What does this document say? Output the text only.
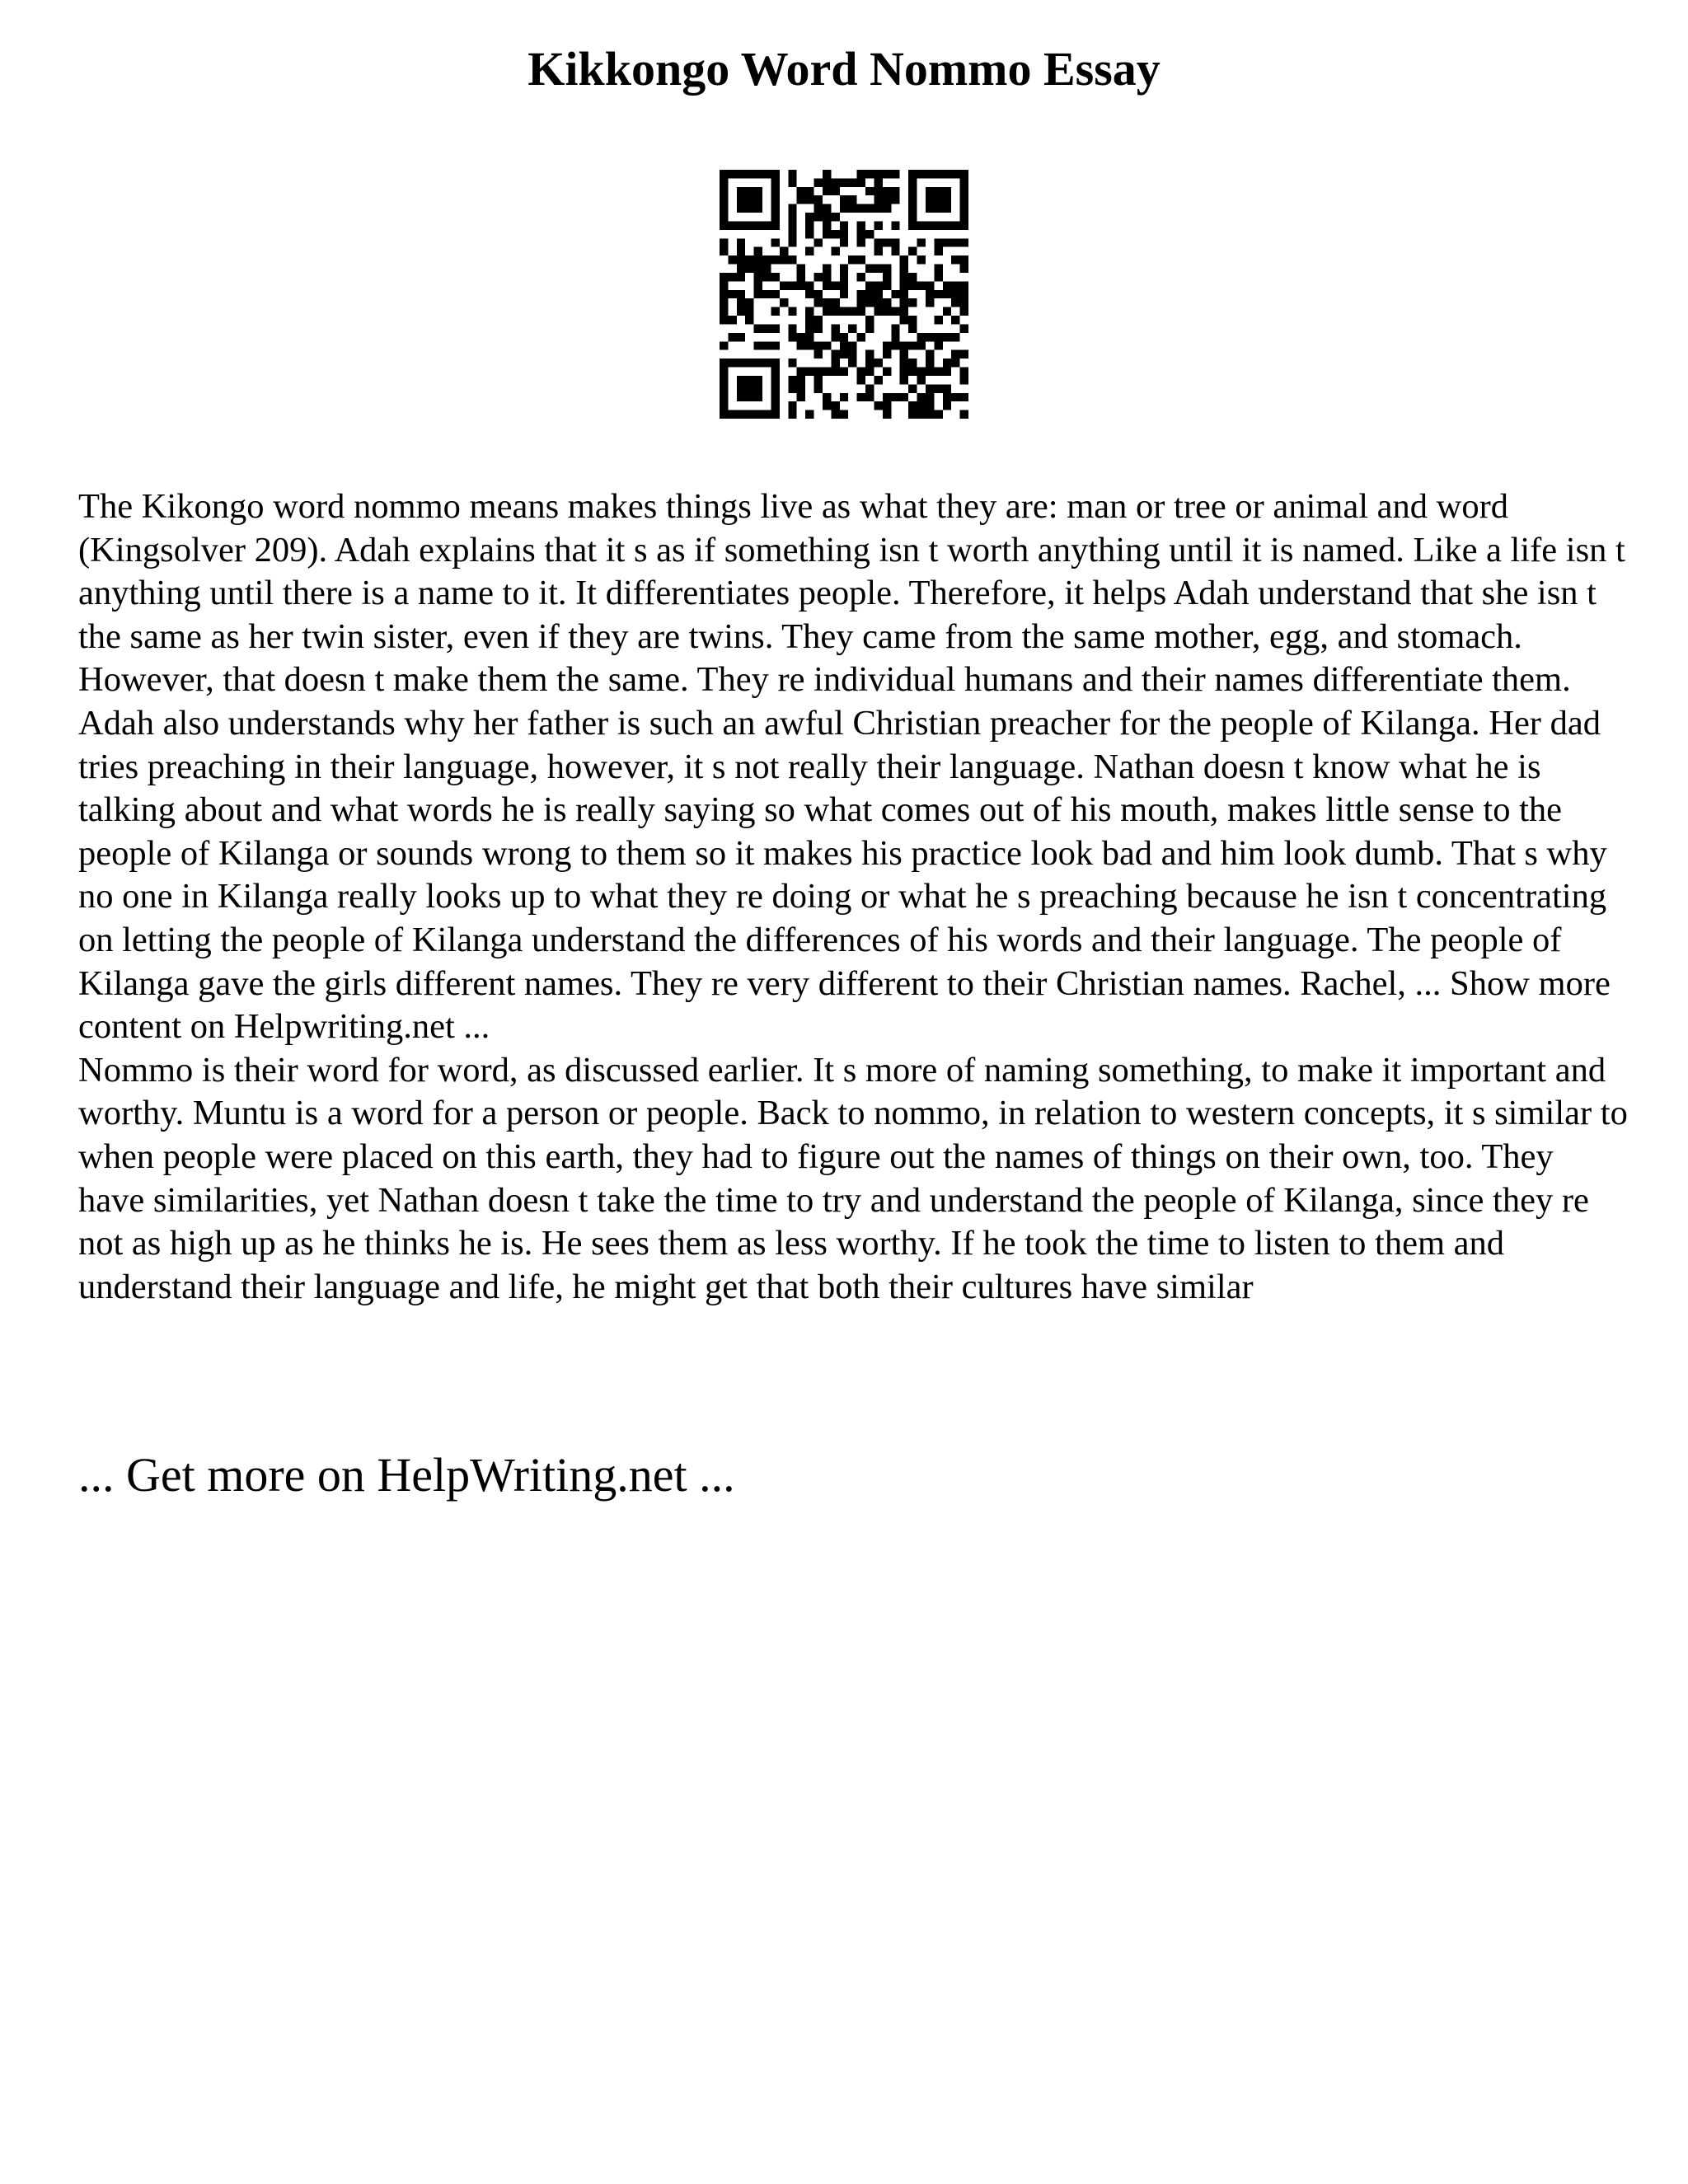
Kikkongo Word Nommo Essay

The Kikongo word nommo means makes things live as what they are: man or tree or animal and word (Kingsolver 209). Adah explains that it s as if something isn t worth anything until it is named. Like a life isn t anything until there is a name to it. It differentiates people. Therefore, it helps Adah understand that she isn t the same as her twin sister, even if they are twins. They came from the same mother, egg, and stomach. However, that doesn t make them the same. They re individual humans and their names differentiate them. Adah also understands why her father is such an awful Christian preacher for the people of Kilanga. Her dad tries preaching in their language, however, it s not really their language. Nathan doesn t know what he is talking about and what words he is really saying so what comes out of his mouth, makes little sense to the people of Kilanga or sounds wrong to them so it makes his practice look bad and him look dumb. That s why no one in Kilanga really looks up to what they re doing or what he s preaching because he isn t concentrating on letting the people of Kilanga understand the differences of his words and their language. The people of Kilanga gave the girls different names. They re very different to their Christian names. Rachel, ... Show more content on Helpwriting.net ...

Nommo is their word for word, as discussed earlier. It s more of naming something, to make it important and worthy. Muntu is a word for a person or people. Back to nommo, in relation to western concepts, it s similar to when people were placed on this earth, they had to figure out the names of things on their own, too. They have similarities, yet Nathan doesn t take the time to try and understand the people of Kilanga, since they re not as high up as he thinks he is. He sees them as less worthy. If he took the time to listen to them and understand their language and life, he might get that both their cultures have similar

... Get more on HelpWriting.net ...
